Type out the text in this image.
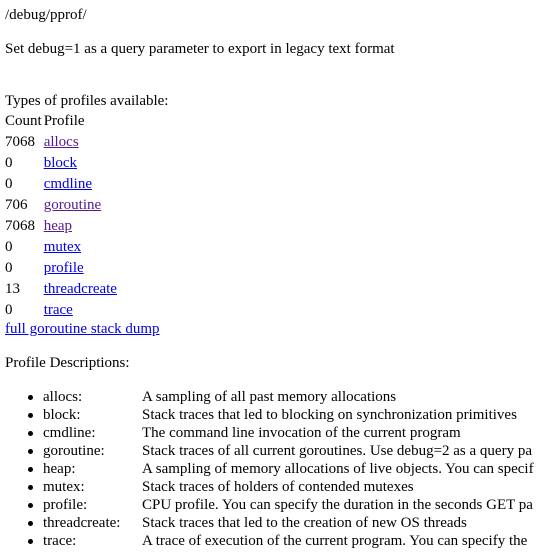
/debug/pprof/
Set debug=1 as a query parameter to export in legacy text format
Types of profiles available:
Count	Profile
7068	allocs
0	block
0	cmdline
706	goroutine
7068	heap
0	mutex
0	profile
13	threadcreate
0	trace
full goroutine stack dump
Profile Descriptions:
allocs:	A sampling of all past memory allocations
block:	Stack traces that led to blocking on synchronization primitives
cmdline:	The command line invocation of the current program
goroutine: Stack traces of all current goroutines. Use debug=2 as a query pa
heap:	A sampling of memory allocations of live objects. You can specif
mutex:	Stack traces of holders of contended mutexes
profile:	CPU profile. You can specify the duration in the seconds GET pa
threadcreate: Stack traces that led to the creation of new OS threads
trace:	A trace of execution of the current program. You can specify the
